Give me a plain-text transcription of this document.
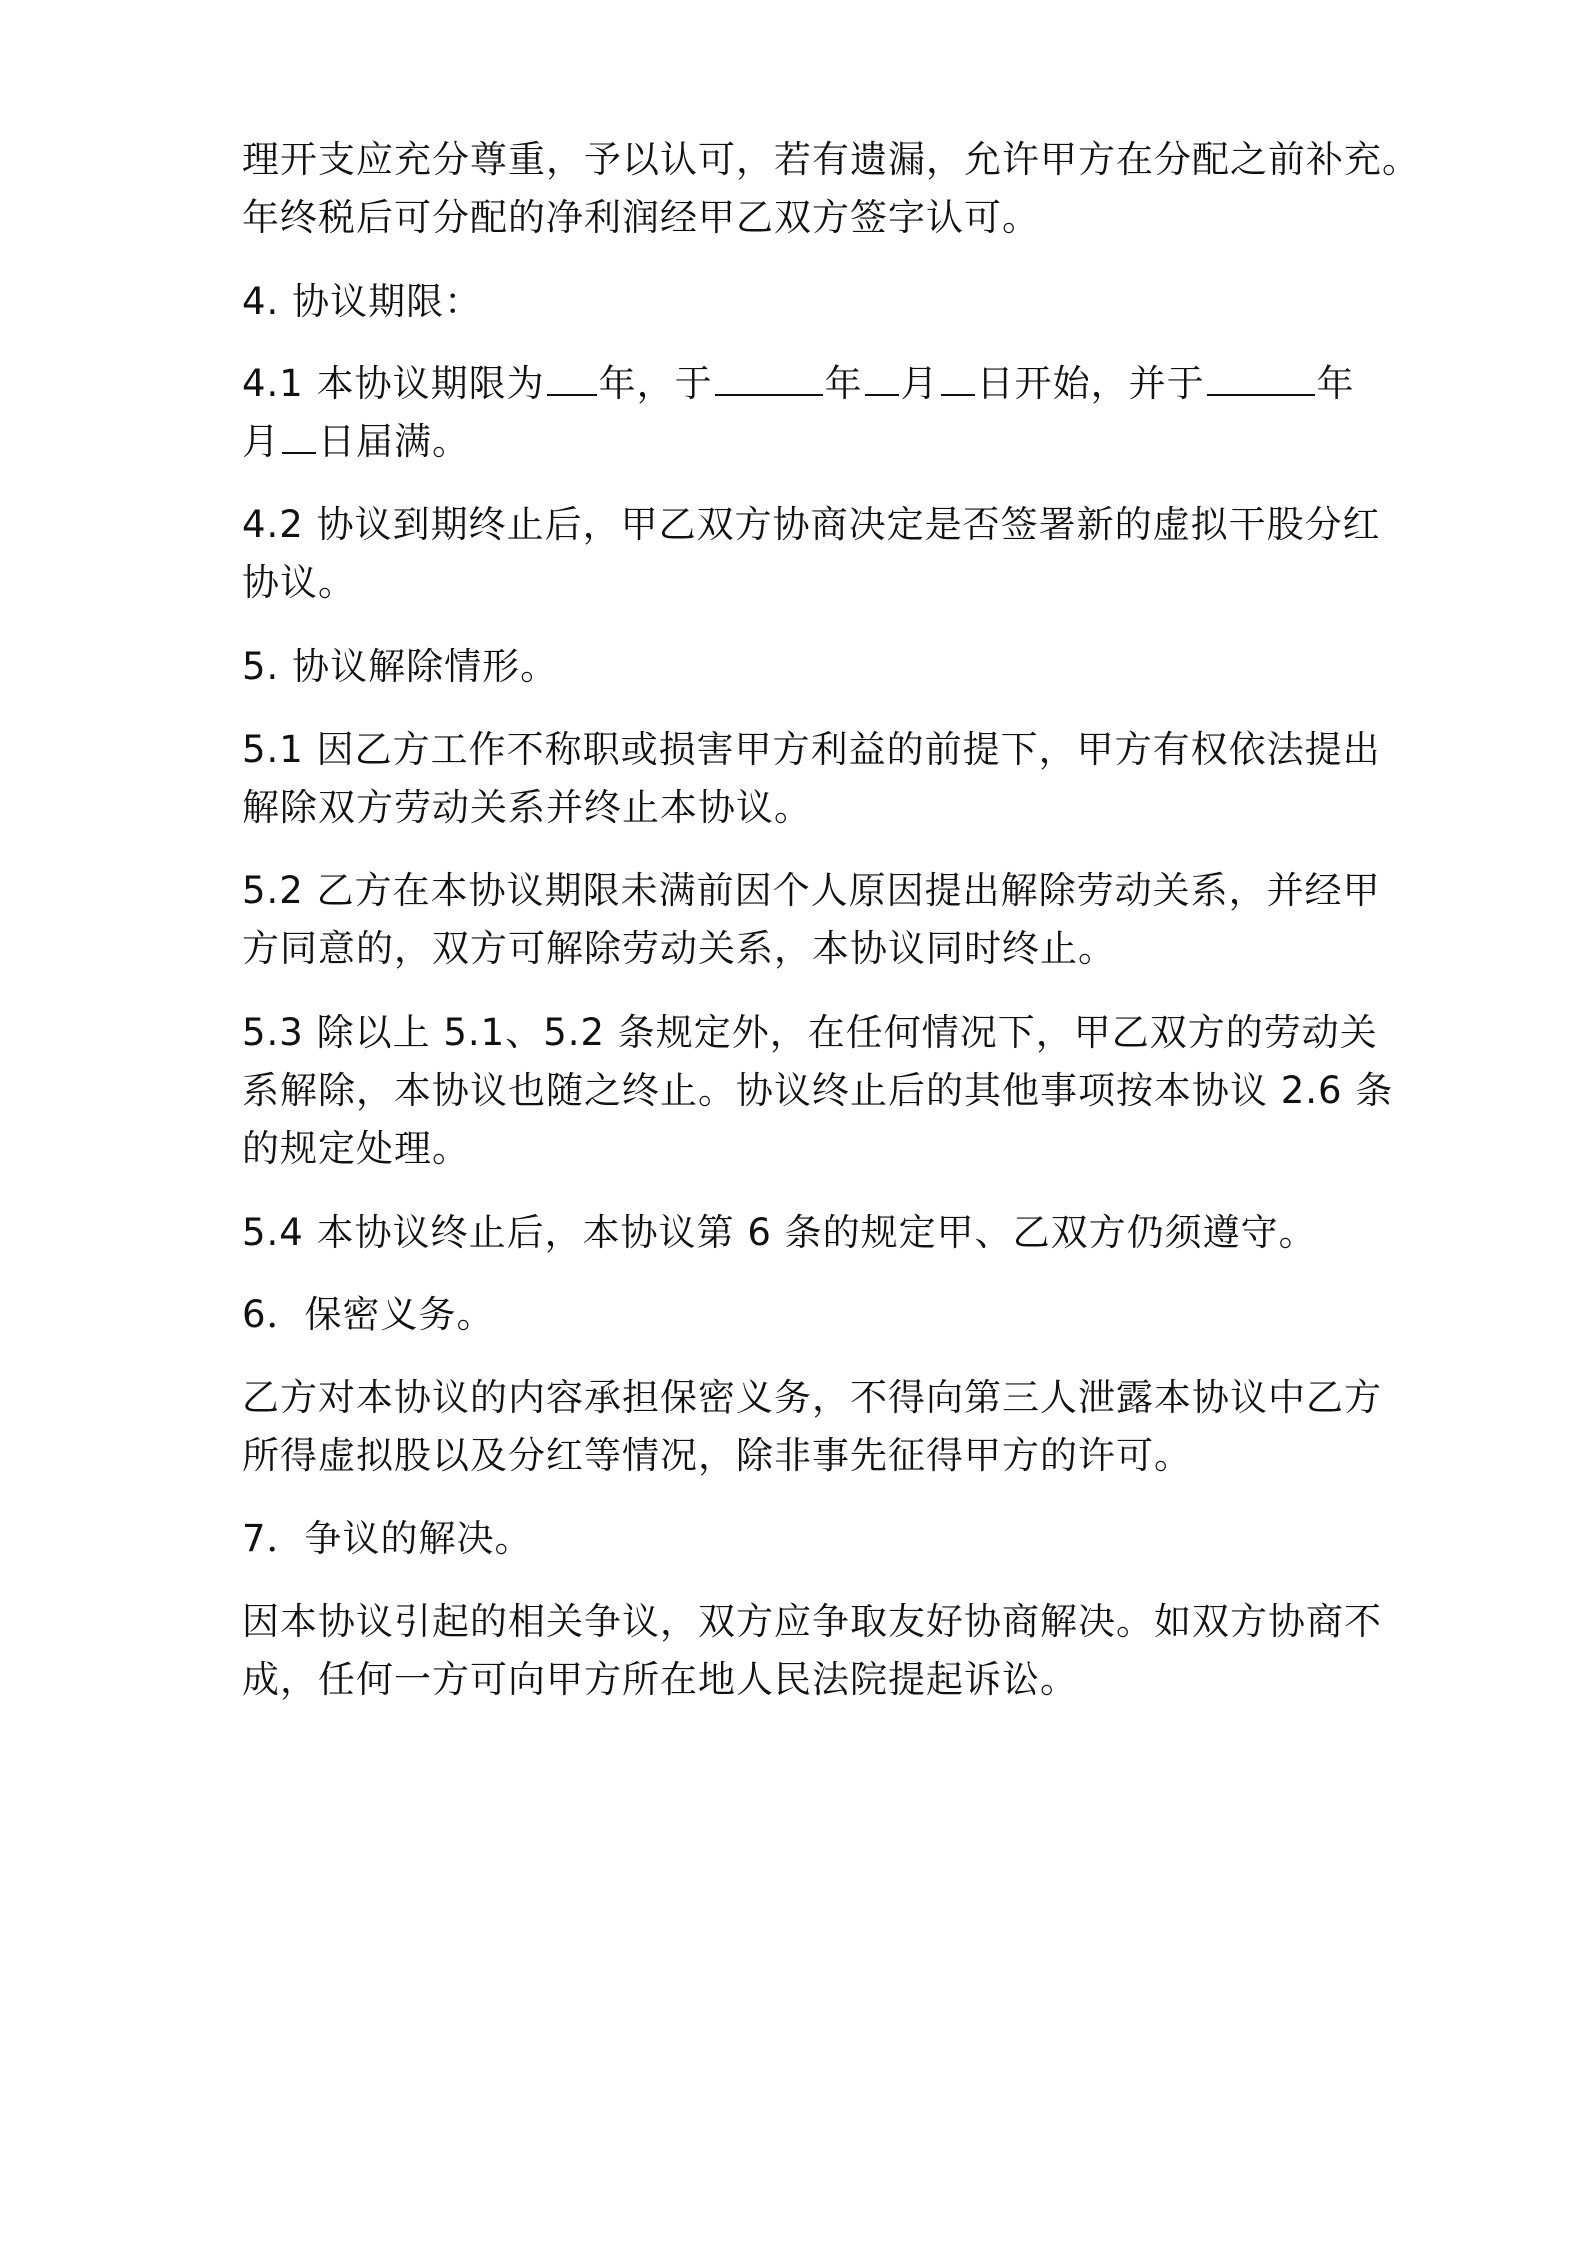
理开支应充分尊重，予以认可，若有遗漏，允许甲方在分配之前补充。
年终税后可分配的净利润经甲乙双方签字认可。
4. 协议期限：
4.1 本协议期限为 年，于	年 月 日开始，并于	年
月 日届满。
4.2 协议到期终止后，甲乙双方协商决定是否签署新的虚拟干股分红
协议。
5. 协议解除情形。
5.1 因乙方工作不称职或损害甲方利益的前提下，甲方有权依法提出
解除双方劳动关系并终止本协议。
5.2 乙方在本协议期限未满前因个人原因提出解除劳动关系，并经甲
方同意的，双方可解除劳动关系，本协议同时终止。
5.3 除以上 5.1、5.2 条规定外，在任何情况下，甲乙双方的劳动关
系解除，本协议也随之终止。协议终止后的其他事项按本协议 2.6 条
的规定处理。
5.4 本协议终止后，本协议第 6 条的规定甲、乙双方仍须遵守。
6．保密义务。
乙方对本协议的内容承担保密义务，不得向第三人泄露本协议中乙方
所得虚拟股以及分红等情况，除非事先征得甲方的许可。
7．争议的解决。
因本协议引起的相关争议，双方应争取友好协商解决。如双方协商不
成，任何一方可向甲方所在地人民法院提起诉讼。
